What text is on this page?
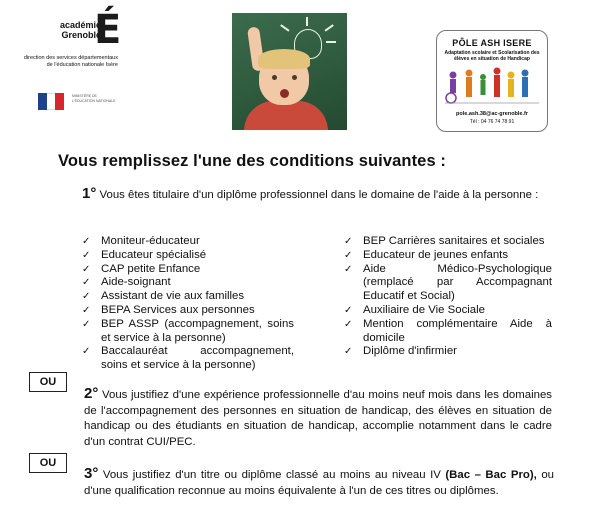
académie
Grenoble
É
direction des services départementaux de l'éducation nationale Isère
MINISTÈRE DE L'ÉDUCATION NATIONALE
PÔLE ASH ISERE
Adaptation scolaire et Scolarisation des élèves en situation de Handicap
pole.ash.38@ac-grenoble.fr
Tél : 04 76 74 78 91
Vous remplissez l'une des conditions suivantes :
1° Vous êtes titulaire d'un diplôme professionnel dans le domaine de l'aide à la personne :
✓ Moniteur-éducateur
✓ Educateur spécialisé
✓ CAP petite Enfance
✓ Aide-soignant
✓ Assistant de vie aux familles
✓ BEPA Services aux personnes
✓ BEP ASSP (accompagnement, soins et service à la personne)
✓ Baccalauréat accompagnement, soins et service à la personne)
✓ BEP Carrières sanitaires et sociales
✓ Educateur de jeunes enfants
✓ Aide Médico-Psychologique (remplacé par Accompagnant Educatif et Social)
✓ Auxiliaire de Vie Sociale
✓ Mention complémentaire Aide à domicile
✓ Diplôme d'infirmier
OU
2° Vous justifiez d'une expérience professionnelle d'au moins neuf mois dans les domaines de l'accompagnement des personnes en situation de handicap, des élèves en situation de handicap ou des étudiants en situation de handicap, accomplie notamment dans le cadre d'un contrat CUI/PEC.
OU
3° Vous justifiez d'un titre ou diplôme classé au moins au niveau IV (Bac – Bac Pro), ou d'une qualification reconnue au moins équivalente à l'un de ces titres ou diplômes.
